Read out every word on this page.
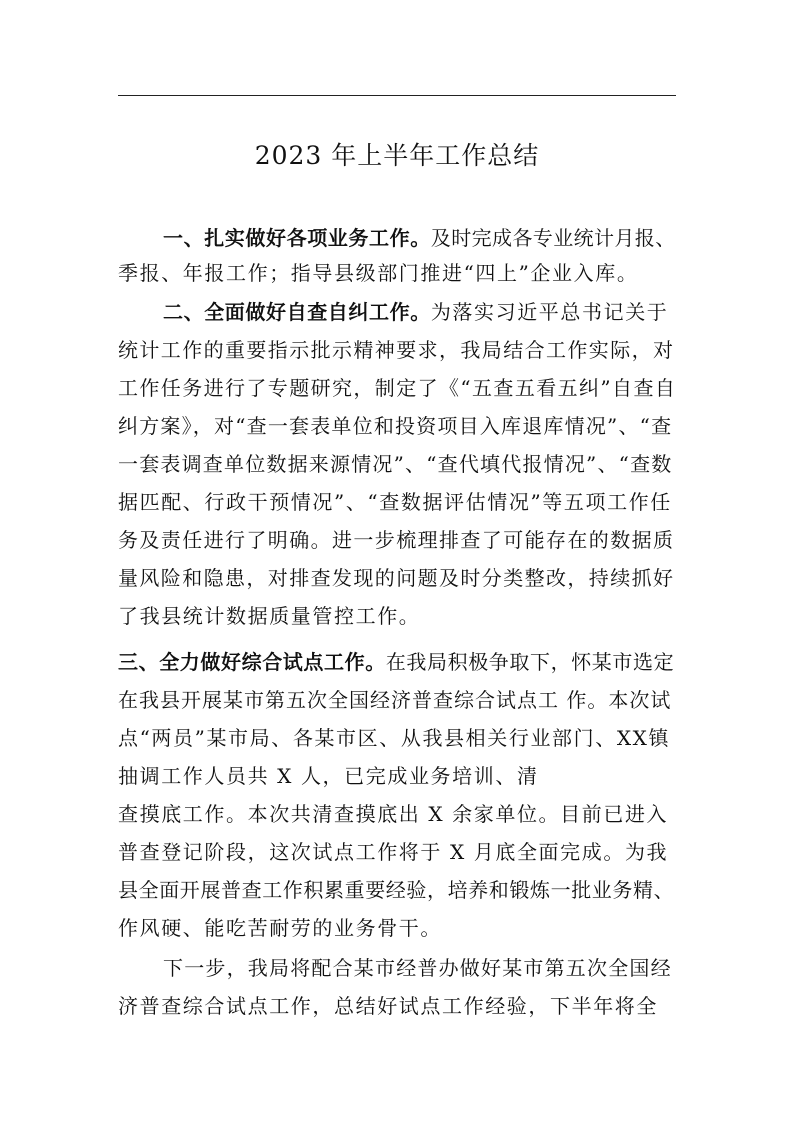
2023 年上半年工作总结
一、扎实做好各项业务工作。及时完成各专业统计月报、
季报、年报工作；指导县级部门推进“四上”企业入库。
二、全面做好自查自纠工作。为落实习近平总书记关于
统计工作的重要指示批示精神要求，我局结合工作实际，对
工作任务进行了专题研究，制定了《“五查五看五纠”自查自
纠方案》，对“查一套表单位和投资项目入库退库情况”、“查
一套表调查单位数据来源情况”、“查代填代报情况”、“查数
据匹配、行政干预情况”、“查数据评估情况”等五项工作任
务及责任进行了明确。进一步梳理排查了可能存在的数据质
量风险和隐患，对排查发现的问题及时分类整改，持续抓好
了我县统计数据质量管控工作。
三、全力做好综合试点工作。在我局积极争取下，怀某市选定
在我县开展某市第五次全国经济普查综合试点工 作。本次试
点“两员”某市局、各某市区、从我县相关行业部门、XX镇
抽调工作人员共 X 人，已完成业务培训、清
查摸底工作。本次共清查摸底出 X 余家单位。目前已进入
普查登记阶段，这次试点工作将于 X 月底全面完成。为我
县全面开展普查工作积累重要经验，培养和锻炼一批业务精、
作风硬、能吃苦耐劳的业务骨干。
下一步，我局将配合某市经普办做好某市第五次全国经
济普查综合试点工作，总结好试点工作经验，下半年将全
